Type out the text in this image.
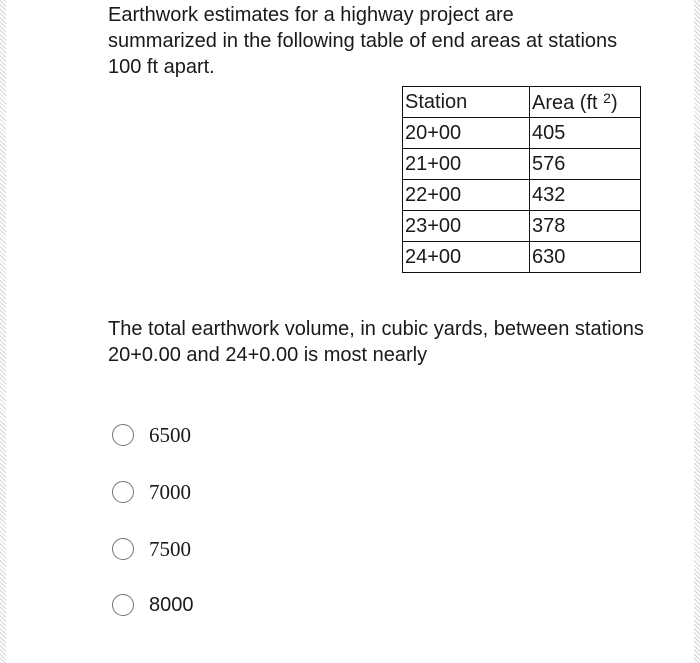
Earthwork estimates for a highway project are summarized in the following table of end areas at stations 100 ft apart.

Station	Area (ft $^2$)
20+00	405
21+00	576
22+00	432
23+00	378
24+00	630

The total earthwork volume, in cubic yards, between stations 20+0.00 and 24+0.00 is most nearly

6500
7000
7500
8000
